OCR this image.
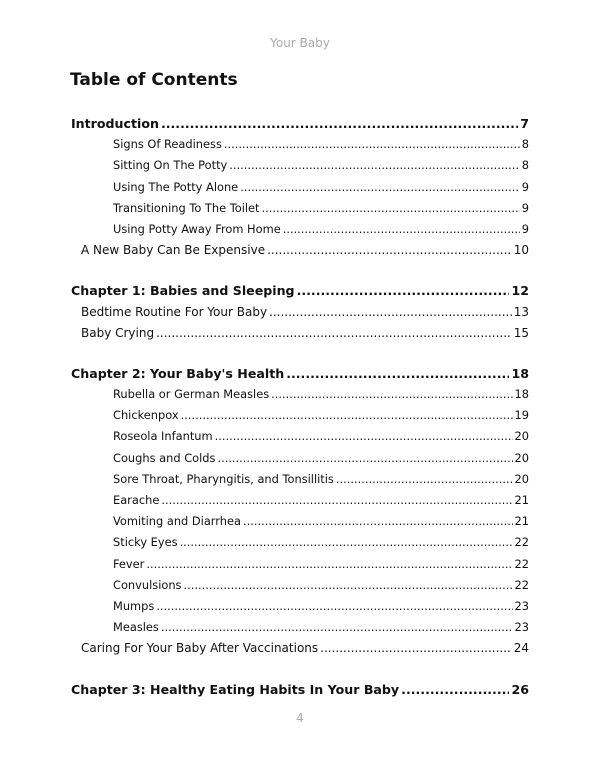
Your Baby
Table of Contents
Introduction .....	7
Signs Of Readiness .....	8
Sitting On The Potty .....	8
Using The Potty Alone .....	9
Transitioning To The Toilet .....	9
Using Potty Away From Home .....	9
A New Baby Can Be Expensive .....	10
Chapter 1: Babies and Sleeping .....	12
Bedtime Routine For Your Baby .....	13
Baby Crying .....	15
Chapter 2: Your Baby's Health .....	18
Rubella or German Measles .....	18
Chickenpox .....	19
Roseola Infantum .....	20
Coughs and Colds .....	20
Sore Throat, Pharyngitis, and Tonsillitis .....	20
Earache .....	21
Vomiting and Diarrhea .....	21
Sticky Eyes .....	22
Fever .....	22
Convulsions .....	22
Mumps .....	23
Measles .....	23
Caring For Your Baby After Vaccinations .....	24
Chapter 3: Healthy Eating Habits In Your Baby .....	26
4
